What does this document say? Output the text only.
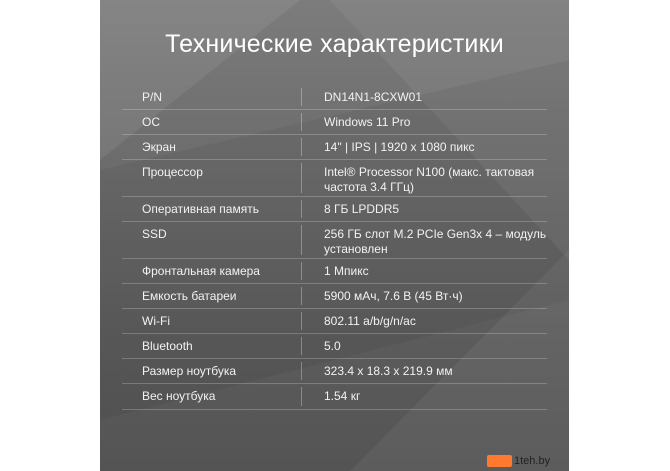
Технические характеристики
P/N	DN14N1-8CXW01
ОС	Windows 11 Pro
Экран	14" | IPS | 1920 x 1080 пикс
Процессор	Intel® Processor N100 (макс. тактовая частота 3.4 ГГц)
Оперативная память	8 ГБ LPDDR5
SSD	256 ГБ слот M.2 PCIe Gen3x 4 – модуль установлен
Фронтальная камера	1 Мпикс
Емкость батареи	5900 мАч, 7.6 В (45 Вт·ч)
Wi-Fi	802.11 a/b/g/n/ac
Bluetooth	5.0
Размер ноутбука	323.4 x 18.3 x 219.9 мм
Вес ноутбука	1.54 кг
1teh.by
